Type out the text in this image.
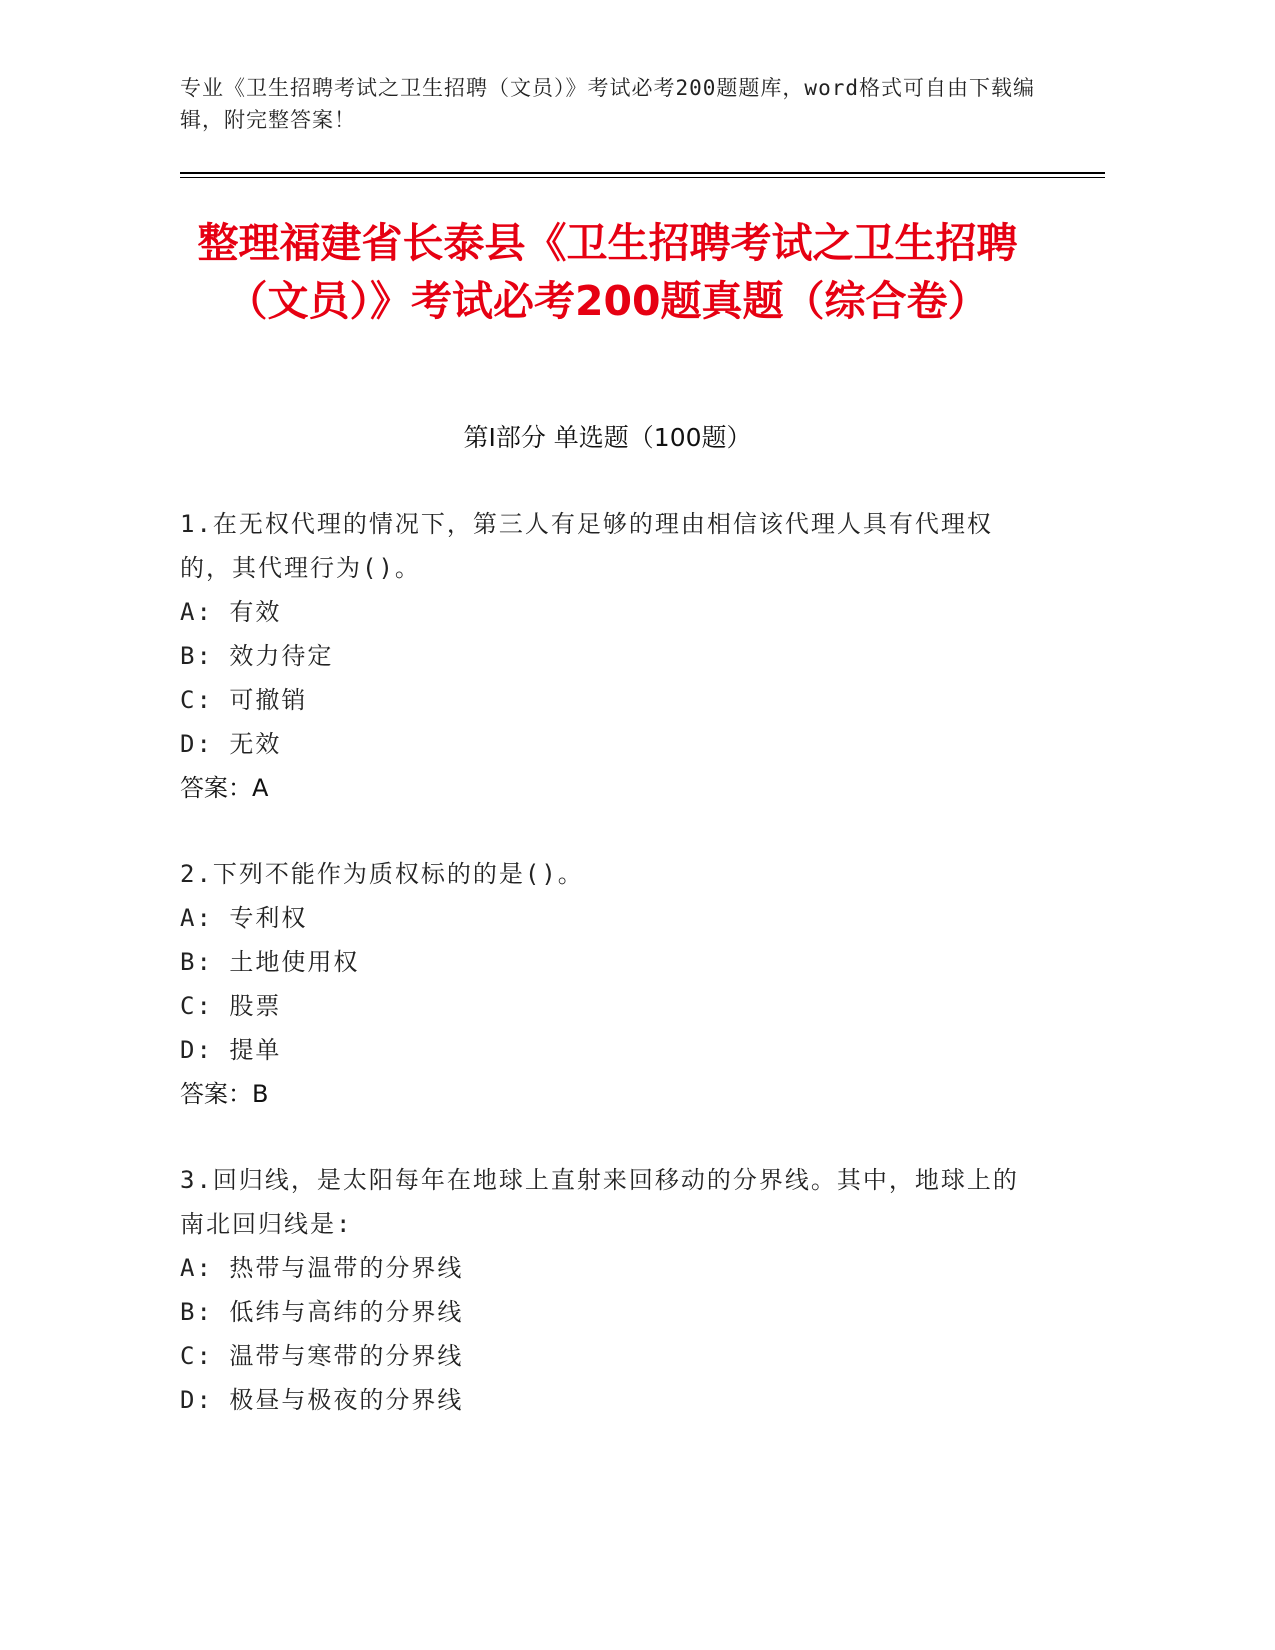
专业《卫生招聘考试之卫生招聘（文员）》考试必考200题题库，word格式可自由下载编辑，附完整答案！
整理福建省长泰县《卫生招聘考试之卫生招聘（文员）》考试必考200题真题（综合卷）
第I部分 单选题（100题）

1.在无权代理的情况下，第三人有足够的理由相信该代理人具有代理权的，其代理行为()。

A: 有效

B: 效力待定

C: 可撤销

D: 无效

答案：A

2.下列不能作为质权标的的是()。

A: 专利权

B: 土地使用权

C: 股票

D: 提单

答案：B

3.回归线，是太阳每年在地球上直射来回移动的分界线。其中，地球上的南北回归线是:

A: 热带与温带的分界线

B: 低纬与高纬的分界线

C: 温带与寒带的分界线

D: 极昼与极夜的分界线
